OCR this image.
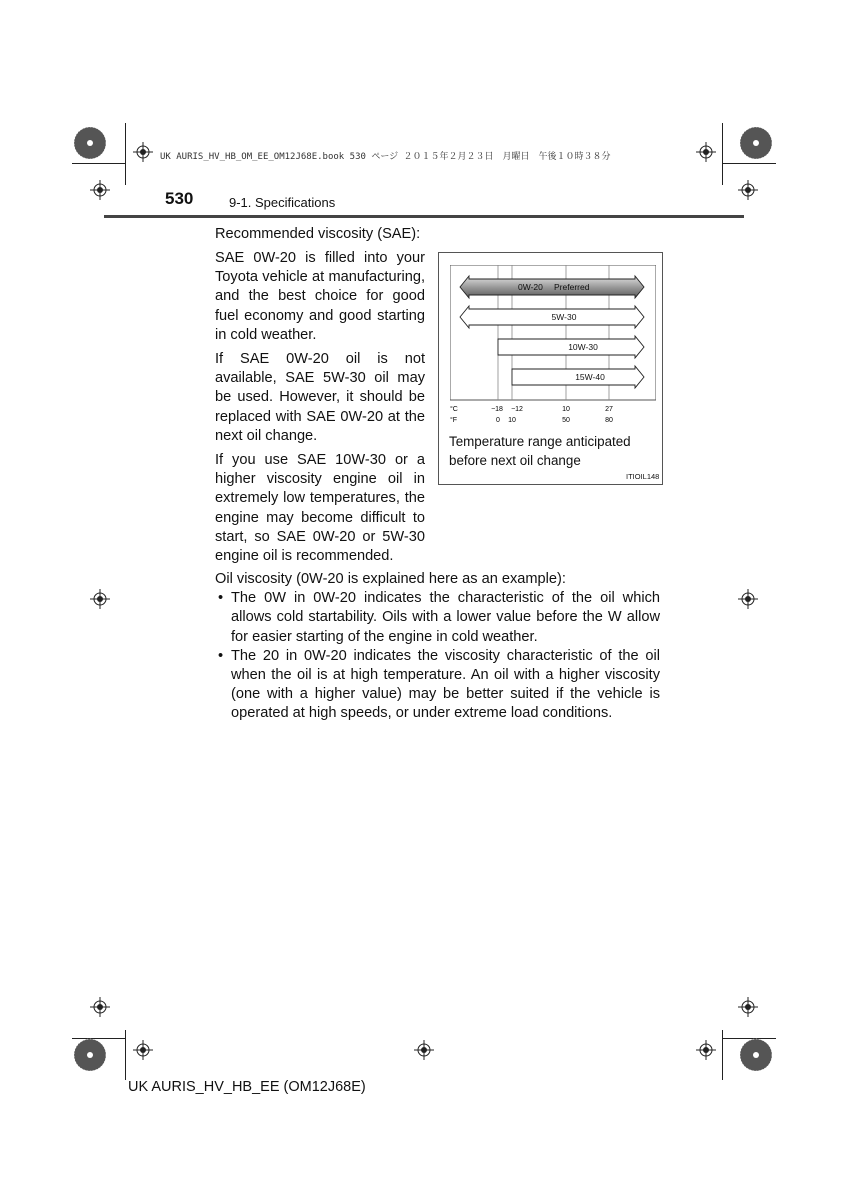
UK AURIS_HV_HB_OM_EE_OM12J68E.book 530 ページ ２０１５年２月２３日　月曜日　午後１０時３８分
530	9-1. Specifications
Recommended viscosity (SAE):

SAE 0W-20 is filled into your Toyota vehicle at manufacturing, and the best choice for good fuel economy and good starting in cold weather.

If SAE 0W-20 oil is not available, SAE 5W-30 oil may be used. However, it should be replaced with SAE 0W-20 at the next oil change.

If you use SAE 10W-30 or a higher viscosity engine oil in extremely low temperatures, the engine may become difficult to start, so SAE 0W-20 or 5W-30 engine oil is recommended.

0W-20 Preferred
5W-30
10W-30
15W-40
°C
°F
−18 −12	10	27
0 10	50	80
Temperature range anticipated
before next oil change
ITIOIL148
Oil viscosity (0W-20 is explained here as an example):
• The 0W in 0W-20 indicates the characteristic of the oil which allows cold startability. Oils with a lower value before the W allow for easier starting of the engine in cold weather.
• The 20 in 0W-20 indicates the viscosity characteristic of the oil when the oil is at high temperature. An oil with a higher viscosity (one with a higher value) may be better suited if the vehicle is operated at high speeds, or under extreme load conditions.
UK AURIS_HV_HB_EE (OM12J68E)
